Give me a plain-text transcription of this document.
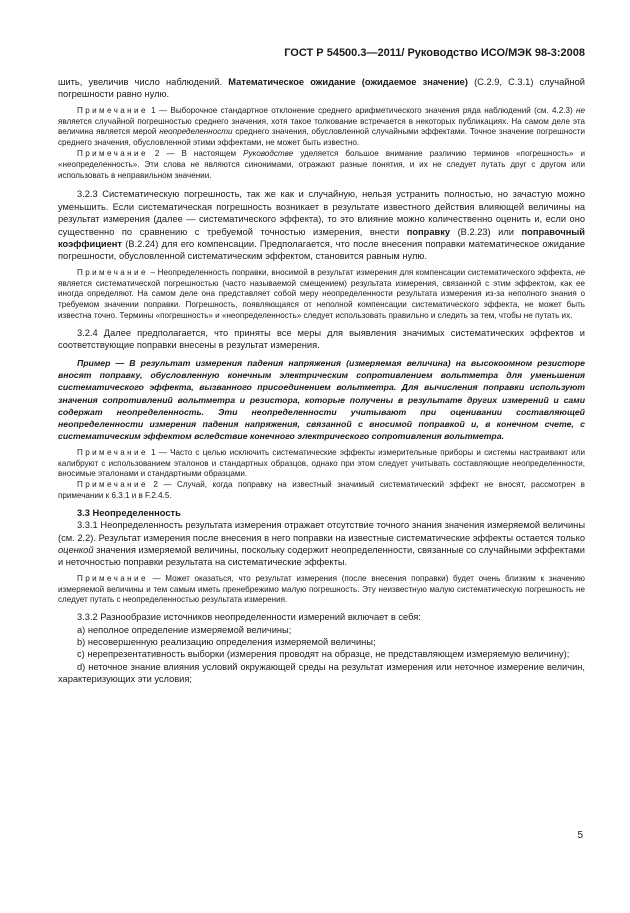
ГОСТ Р 54500.3—2011/ Руководство ИСО/МЭК 98-3:2008

шить, увеличив число наблюдений. Математическое ожидание (ожидаемое значение) (C.2.9, C.3.1) случайной погрешности равно нулю.

Примечание 1 — Выборочное стандартное отклонение среднего арифметического значения ряда наблюдений (см. 4.2.3) не является случайной погрешностью среднего значения, хотя такое толкование встречается в некоторых публикациях. На самом деле эта величина является мерой неопределенности среднего значения, обусловленной случайными эффектами. Точное значение погрешности среднего значения, обусловленной этими эффектами, не может быть известно.

Примечание 2 — В настоящем Руководстве уделяется большое внимание различию терминов «погрешность» и «неопределенность». Эти слова не являются синонимами, отражают разные понятия, и их не следует путать друг с другом или использовать в неправильном значении.

3.2.3 Систематическую погрешность, так же как и случайную, нельзя устранить полностью, но зачастую можно уменьшить. Если систематическая погрешность возникает в результате известного действия влияющей величины на результат измерения (далее — систематического эффекта), то это влияние можно количественно оценить и, если оно существенно по сравнению с требуемой точностью измерения, внести поправку (B.2.23) или поправочный коэффициент (B.2.24) для его компенсации. Предполагается, что после внесения поправки математическое ожидание погрешности, обусловленной систематическим эффектом, становится равным нулю.

Примечание – Неопределенность поправки, вносимой в результат измерения для компенсации систематического эффекта, не является систематической погрешностью (часто называемой смещением) результата измерения, связанной с этим эффектом, как ее иногда определяют. На самом деле она представляет собой меру неопределенности результата измерения из-за неполного знания о требуемом значении поправки. Погрешность, появляющаяся от неполной компенсации систематического эффекта, не может быть известна точно. Термины «погрешность» и «неопределенность» следует использовать правильно и следить за тем, чтобы не путать их.

3.2.4 Далее предполагается, что приняты все меры для выявления значимых систематических эффектов и соответствующие поправки внесены в результат измерения.

Пример — В результат измерения падения напряжения (измеряемая величина) на высокоомном резисторе вносят поправку, обусловленную конечным электрическим сопротивлением вольтметра для уменьшения систематического эффекта, вызванного присоединением вольтметра. Для вычисления поправки используют значения сопротивлений вольтметра и резистора, которые получены в результате других измерений и сами содержат неопределенность. Эти неопределенности учитывают при оценивании составляющей неопределенности измерения падения напряжения, связанной с вносимой поправкой и, в конечном счете, с систематическим эффектом вследствие конечного электрического сопротивления вольтметра.

Примечание 1 — Часто с целью исключить систематические эффекты измерительные приборы и системы настраивают или калибруют с использованием эталонов и стандартных образцов, однако при этом следует учитывать составляющие неопределенности, вносимые эталонами и стандартными образцами.

Примечание 2 — Случай, когда поправку на известный значимый систематический эффект не вносят, рассмотрен в примечании к 6.3.1 и в F.2.4.5.

3.3 Неопределенность

3.3.1 Неопределенность результата измерения отражает отсутствие точного знания значения измеряемой величины (см. 2.2). Результат измерения после внесения в него поправки на известные систематические эффекты остается только оценкой значения измеряемой величины, поскольку содержит неопределенности, связанные со случайными эффектами и неточностью поправки результата на систематические эффекты.

Примечание — Может оказаться, что результат измерения (после внесения поправки) будет очень близким к значению измеряемой величины и тем самым иметь пренебрежимо малую погрешность. Эту неизвестную малую систематическую погрешность не следует путать с неопределенностью результата измерения.

3.3.2 Разнообразие источников неопределенности измерений включает в себя:

a) неполное определение измеряемой величины;

b) несовершенную реализацию определения измеряемой величины;

c) нерепрезентативность выборки (измерения проводят на образце, не представляющем измеряемую величину);

d) неточное знание влияния условий окружающей среды на результат измерения или неточное измерение величин, характеризующих эти условия;

5
